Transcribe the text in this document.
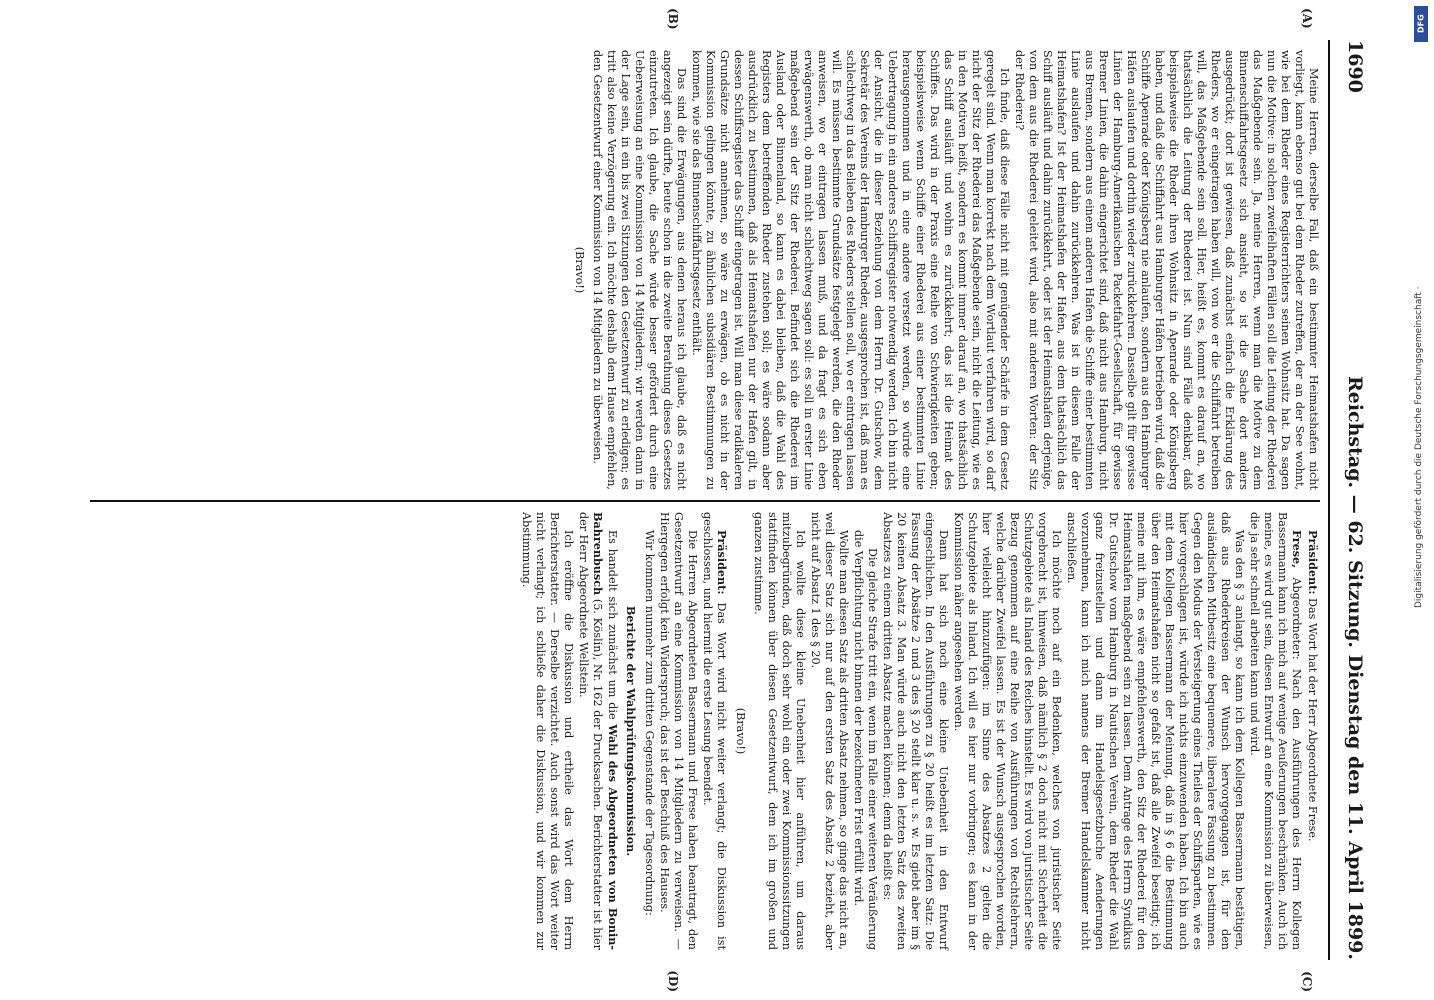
1690
Reichstag. — 62. Sitzung. Dienstag den 11. April 1899.
(A)
(B)
(C)
(D)

Meine Herren, derselbe Fall, daß ein bestimmter Heimatshafen nicht vorliegt, kann ebenso gut bei dem Rheder zutreffen, der an der See wohnt, wie bei dem Rheder eines Registerrichters seinen Wohnsitz hat. Da sagen nun die Motive: in solchen zweifelhaften Fällen soll die Leitung der Rhederei das Maßgebende sein. Ja, meine Herren, wenn man die Motive zu dem Binnenschiffahrtsgesetz sich ansieht, so ist die Sache dort anders ausgedrückt; dort ist gewiesen, daß zunächst einfach die Erklärung des Rheders, wo er eingetragen haben will, von wo er die Schiffahrt betreiben will, das Maßgebende sein soll. Hier, heißt es, kommt es darauf an, wo thatsächlich die Leitung der Rhederei ist. Nun sind Fälle denkbar, daß beispielsweise die Rheder ihren Wohnsitz in Apenrade oder Königsberg haben, und daß die Schiffahrt aus Hamburger Häfen betrieben wird, daß die Schiffe Apenrade oder Königsberg nie anlaufen, sondern aus den Hamburger Häfen auslaufen und dorthin wieder zurückkehren. Dasselbe gilt für gewisse Linien der Hamburg-Amerikanischen Packetfahrt-Gesellschaft, für gewisse Bremer Linien, die dahin eingerichtet sind, daß nicht aus Hamburg, nicht aus Bremen, sondern aus einem anderen Hafen die Schiffe einer bestimmten Linie auslaufen und dahin zurückkehren. Was ist in diesem Falle der Heimatshafen? Ist der Heimatshafen der Hafen, aus dem thatsächlich das Schiff ausläuft und dahin zurückkehrt, oder ist der Heimatshafen derjenige, von dem aus die Rhederei geleitet wird, also mit anderen Worten: der Sitz der Rhederei?

Ich finde, daß diese Fälle nicht mit genügender Schärfe in dem Gesetz geregelt sind. Wenn man korrekt nach dem Wortlaut verfahren wird, so darf nicht der Sitz der Rhederei das Maßgebende sein, nicht die Leitung, wie es in den Motiven heißt, sondern es kommt immer darauf an, wo thatsächlich das Schiff ausläuft und wohin es zurückkehrt; das ist die Heimat des Schiffes. Das wird in der Praxis eine Reihe von Schwierigkeiten geben; beispielsweise wenn Schiffe einer Rhederei aus einer bestimmten Linie herausgenommen und in eine andere versetzt werden, so würde eine Uebertragung in ein anderes Schiffsregister notwendig werden. Ich bin nicht der Ansicht, die in dieser Beziehung von dem Herrn Dr. Gutschow, dem Sekretär des Vereins der Hamburger Rheder, ausgesprochen ist, daß man es schlechtweg in das Belieben des Rheders stellen soll, wo er eintragen lassen will. Es müssen bestimmte Grundsätze festgelegt werden, die den Rheder anweisen, wo er eintragen lassen muß, und da fragt es sich eben erwägenswerth, ob man nicht schlechtweg sagen soll: es soll in erster Linie maßgebend sein der Sitz der Rhederei. Befindet sich die Rhederei im Ausland oder Binnenland, so kann es dabei bleiben, daß die Wahl des Registers dem betreffenden Rheder zustehen soll; es wäre sodann aber ausdrücklich zu bestimmen, daß als Heimatshafen nur der Hafen gilt, in dessen Schiffsregister das Schiff eingetragen ist. Will man diese radikaleren Grundsätze nicht annehmen, so wäre zu erwägen, ob es nicht in der Kommission gelingen könnte, zu ähnlichen subsidiären Bestimmungen zu kommen, wie sie das Binnenschiffahrtsgesetz enthält.

Das sind die Erwägungen, aus denen heraus ich glaube, daß es nicht angezeigt sein dürfte, heute schon in die zweite Berathung dieses Gesetzes einzutreten. Ich glaube, die Sache würde besser gefördert durch eine Ueberweisung an eine Kommission von 14 Mitgliedern; wir werden dann in der Lage sein, in ein bis zwei Sitzungen den Gesetzentwurf zu erledigen; es tritt also keine Verzögerung ein. Ich möchte deshalb dem Hause empfehlen, den Gesetzentwurf einer Kommission von 14 Mitgliedern zu überweisen.

(Bravo!)

Präsident: Das Wort hat der Herr Abgeordnete Frese.

Frese, Abgeordneter: Nach den Ausführungen des Herrn Kollegen Bassermann kann ich mich auf wenige Aeußerungen beschränken. Auch ich meine, es wird gut sein, diesen Entwurf an eine Kommission zu überweisen, die ja sehr schnell arbeiten kann und wird.

Was den § 3 anlangt, so kann ich dem Kollegen Bassermann bestätigen, daß aus Rhederkreisen der Wunsch hervorgegangen ist, für den ausländischen Mitbesitz eine bequemere, liberalere Fassung zu bestimmen. Gegen den Modus der Versteigerung eines Theiles der Schiffsparten, wie es hier vorgeschlagen ist, würde ich nichts einzuwenden haben. Ich bin auch mit dem Kollegen Bassermann der Meinung, daß in § 6 die Bestimmung über den Heimatshafen nicht so gefaßt ist, daß alle Zweifel beseitigt; ich meine mit ihm, es wäre empfehlenswerth, den Sitz der Rhederei für den Heimatshafen maßgebend sein zu lassen. Dem Antrage des Herrn Syndikus Dr. Gutschow vom Hamburg in Nautischen Verein, dem Rheder die Wahl ganz freizustellen und dann im Handelsgesetzbuche Aenderungen vorzunehmen, kann ich mich namens der Bremer Handelskammer nicht anschließen.

Ich möchte noch auf ein Bedenken, welches von juristischer Seite vorgebracht ist, hinweisen, daß nämlich § 2 doch nicht mit Sicherheit die Schutzgebiete als Inland des Reiches hinstellt. Es wird von juristischer Seite Bezug genommen auf eine Reihe von Ausführungen von Rechtslehrern, welche darüber Zweifel lassen. Es ist der Wunsch ausgesprochen worden, hier vielleicht hinzuzufügen: im Sinne des Absatzes 2 gelten die Schutzgebiete als Inland. Ich will es hier nur vorbringen; es kann in der Kommission näher angesehen werden.

Dann hat sich noch eine kleine Unebenheit in den Entwurf eingeschlichen. In den Ausführungen zu § 20 heißt es im letzten Satz: Die Fassung der Absätze 2 und 3 des § 20 stellt klar u. s. w. Es giebt aber im § 20 keinen Absatz 3. Man würde auch nicht den letzten Satz des zweiten Absatzes zu einem dritten Absatz machen können; denn da heißt es:

Die gleiche Strafe tritt ein, wenn im Falle einer weiteren Veräußerung die Verpflichtung nicht binnen der bezeichneten Frist erfüllt wird.

Wollte man diesen Satz als dritten Absatz nehmen, so ginge das nicht an, weil dieser Satz sich nur auf den ersten Satz des Absatz 2 bezieht, aber nicht auf Absatz 1 des § 20.

Ich wollte diese kleine Unebenheit hier anführen, um daraus mitzubegründen, daß doch sehr wohl ein oder zwei Kommissionssitzungen stattfinden können über diesen Gesetzentwurf, dem ich im großen und ganzen zustimme.

(Bravo!)

Präsident: Das Wort wird nicht weiter verlangt; die Diskussion ist geschlossen, und hiermit die erste Lesung beendet.

Die Herren Abgeordneten Bassermann und Frese haben beantragt, den Gesetzentwurf an eine Kommission von 14 Mitgliedern zu verweisen. — Hiergegen erfolgt kein Widerspruch; das ist der Beschluß des Hauses.

Wir kommen nunmehr zum dritten Gegenstande der Tagesordnung:

Berichte der Wahlprüfungskommission.

Es handelt sich zunächst um die Wahl des Abgeordneten von Bonin-Bahrenbusch (5. Köslin), Nr. 162 der Drucksachen. Berichterstatter ist hier der Herr Abgeordnete Wellstein.

Ich eröffne die Diskussion und ertheile das Wort dem Herrn Berichterstatter. — Derselbe verzichtet. Auch sonst wird das Wort weiter nicht verlangt; ich schließe daher die Diskussion, und wir kommen zur Abstimmung.

DFG
Digitalisierung gefördert durch die Deutsche Forschungsgemeinschaft ·
